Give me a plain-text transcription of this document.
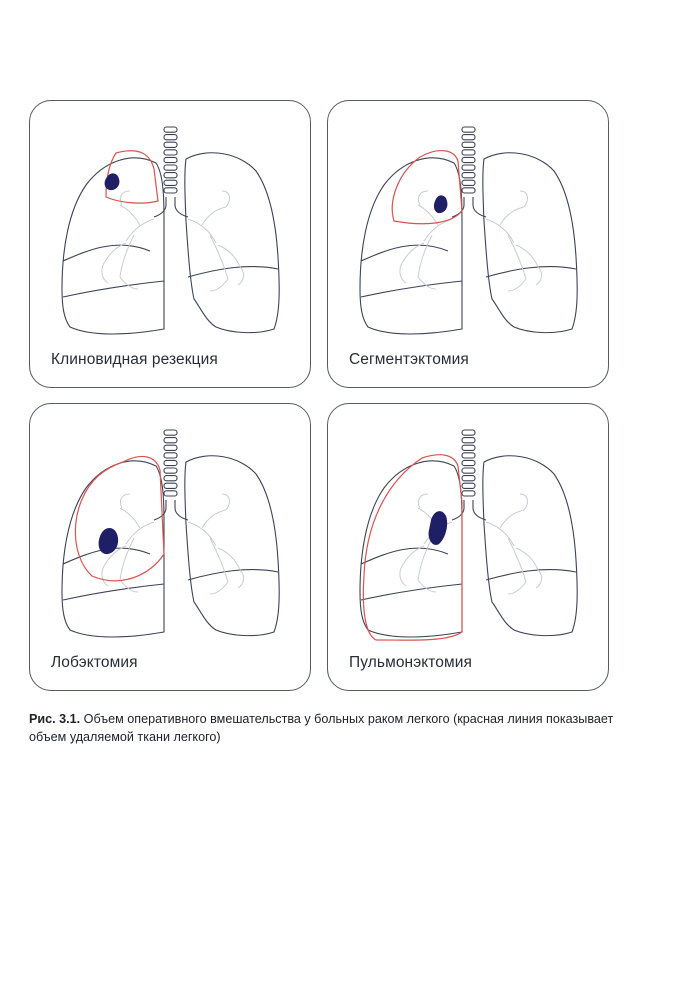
Клиновидная резекция	Сегментэктомия
Лобэктомия	Пульмонэктомия
Рис. 3.1. Объем оперативного вмешательства у больных раком легкого (красная линия показывает объем удаляемой ткани легкого)
